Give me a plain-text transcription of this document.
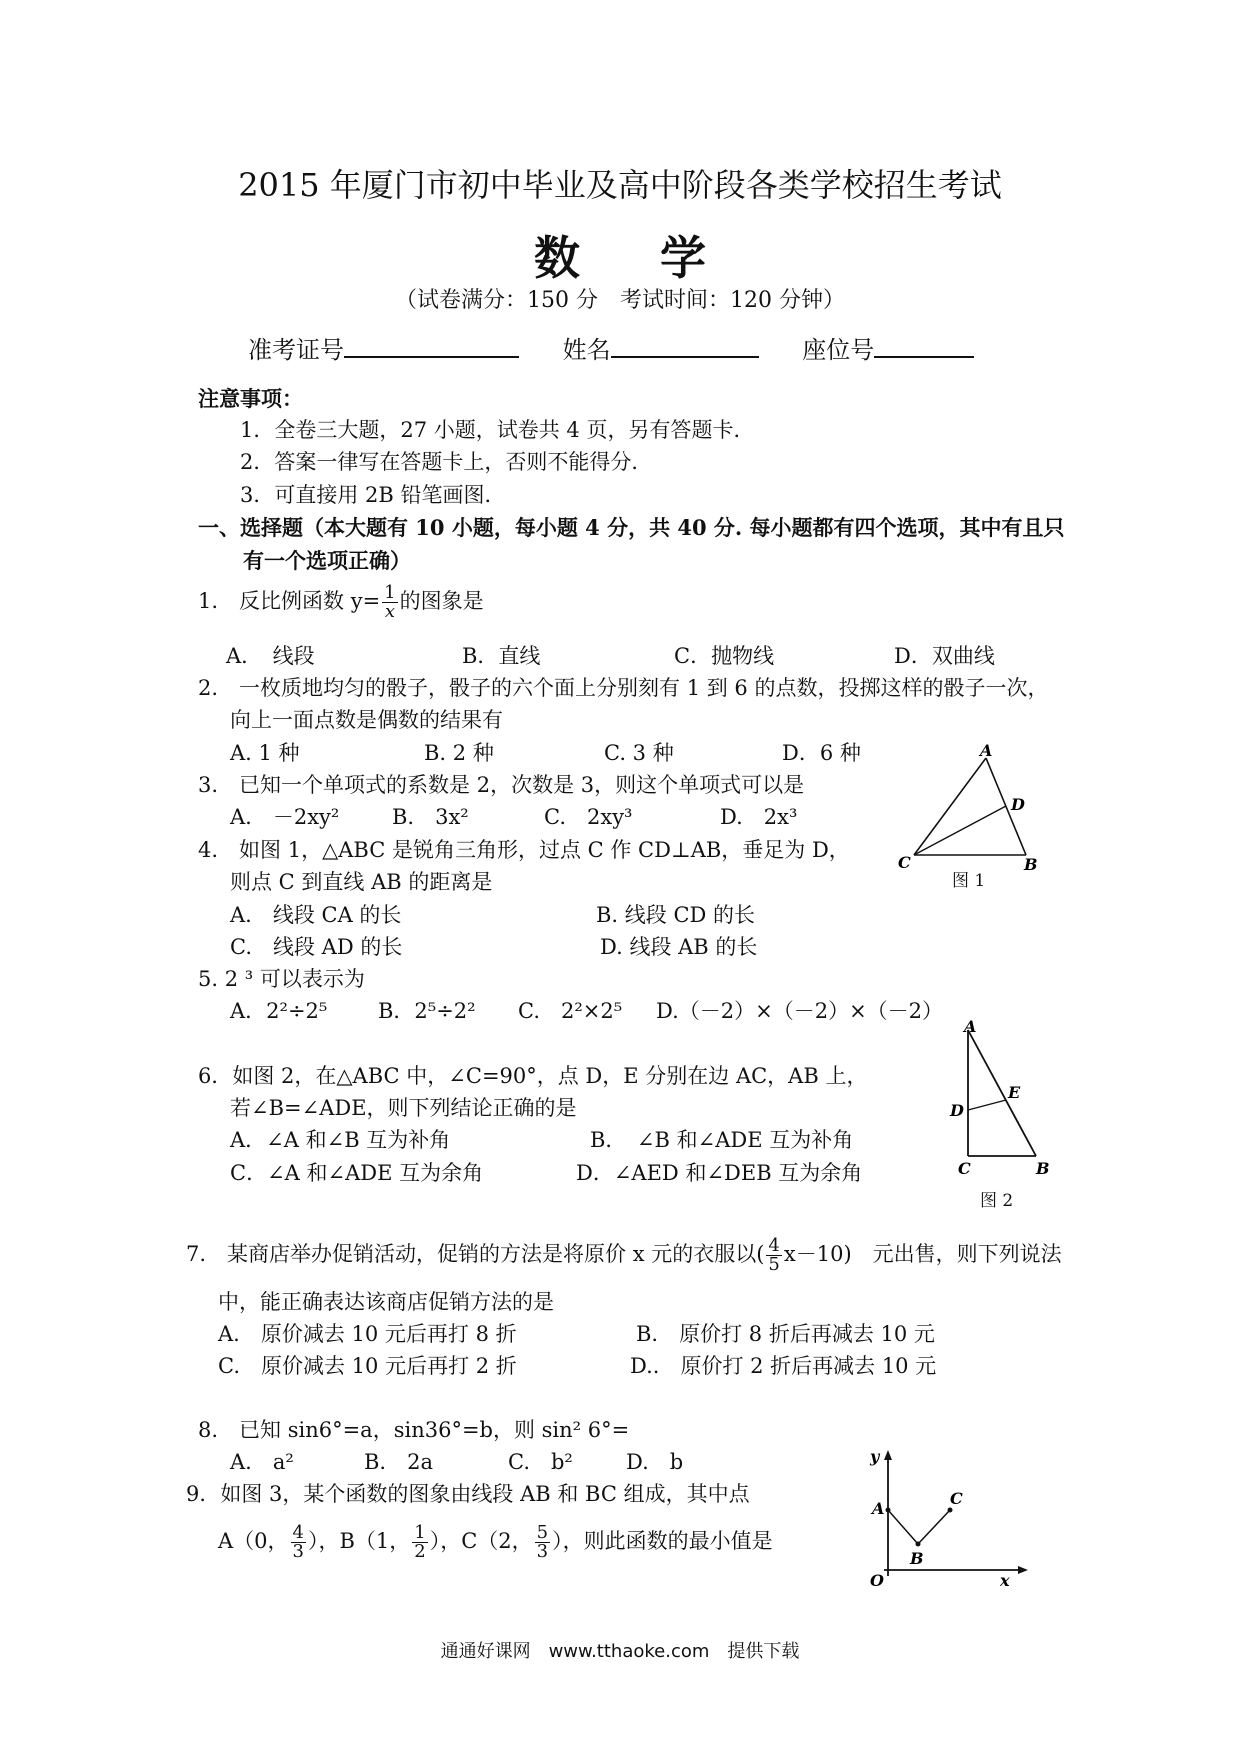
2015 年厦门市初中毕业及高中阶段各类学校招生考试
数学
（试卷满分：150 分　考试时间：120 分钟）
准考证号	姓名	座位号
注意事项：
1．全卷三大题，27 小题，试卷共 4 页，另有答题卡．
2．答案一律写在答题卡上，否则不能得分．
3．可直接用 2B 铅笔画图．
一、选择题（本大题有 10 小题，每小题 4 分，共 40 分. 每小题都有四个选项，其中有且只
有一个选项正确）
1.　反比例函数 $y= \frac{1}{x}$ 的图象是
A．　线段	B．直线	C．抛物线	D．双曲线
2.　一枚质地均匀的骰子，骰子的六个面上分别刻有 1 到 6 的点数，投掷这样的骰子一次，
向上一面点数是偶数的结果有
A. 1 种	B. 2 种	C. 3 种	D．6 种
3.　已知一个单项式的系数是 2，次数是 3，则这个单项式可以是
A.　－2xy²	B.　3x²	C.　2xy³	D.　2x³
A
B
C
D
图 1
4.　如图 1，△ABC 是锐角三角形，过点 C 作 CD⊥AB，垂足为 D，
则点 C 到直线 AB 的距离是
A.　线段 CA 的长	B. 线段 CD 的长
C.　线段 AD 的长	D. 线段 AB 的长
5. 2 ³ 可以表示为
A．2²÷2⁵ B．2⁵÷2² C.　2²×2⁵ D.（－2）×（－2）×（－2）
A
B
C
D
E
图 2
6．如图 2，在△ABC 中，∠C=90°，点 D，E 分别在边 AC，AB 上，
若∠B=∠ADE，则下列结论正确的是
A．∠A 和∠B 互为补角	B．　∠B 和∠ADE 互为补角
C．∠A 和∠ADE 互为余角	D．∠AED 和∠DEB 互为余角
7.　某商店举办促销活动，促销的方法是将原价 x 元的衣服以( $\frac{4}{5} x-10$)　元出售，则下列说法
中，能正确表达该商店促销方法的是
A.　原价减去 10 元后再打 8 折	B.　原价打 8 折后再减去 10 元
C.　原价减去 10 元后再打 2 折	D..　原价打 2 折后再减去 10 元
8.　已知 sin6°=a，sin36°=b，则 sin² 6°=
A.　a²	B.　2a	C.　b²	D.　b
9．如图 3，某个函数的图象由线段 AB 和 BC 组成，其中点
A（0， $\frac{4}{3}$ ），B（1， $\frac{1}{2}$ ），C（2， $\frac{5}{3}$ ），则此函数的最小值是
y
x
O
A
B
C
通通好课网　www.tthaoke.com　提供下载
